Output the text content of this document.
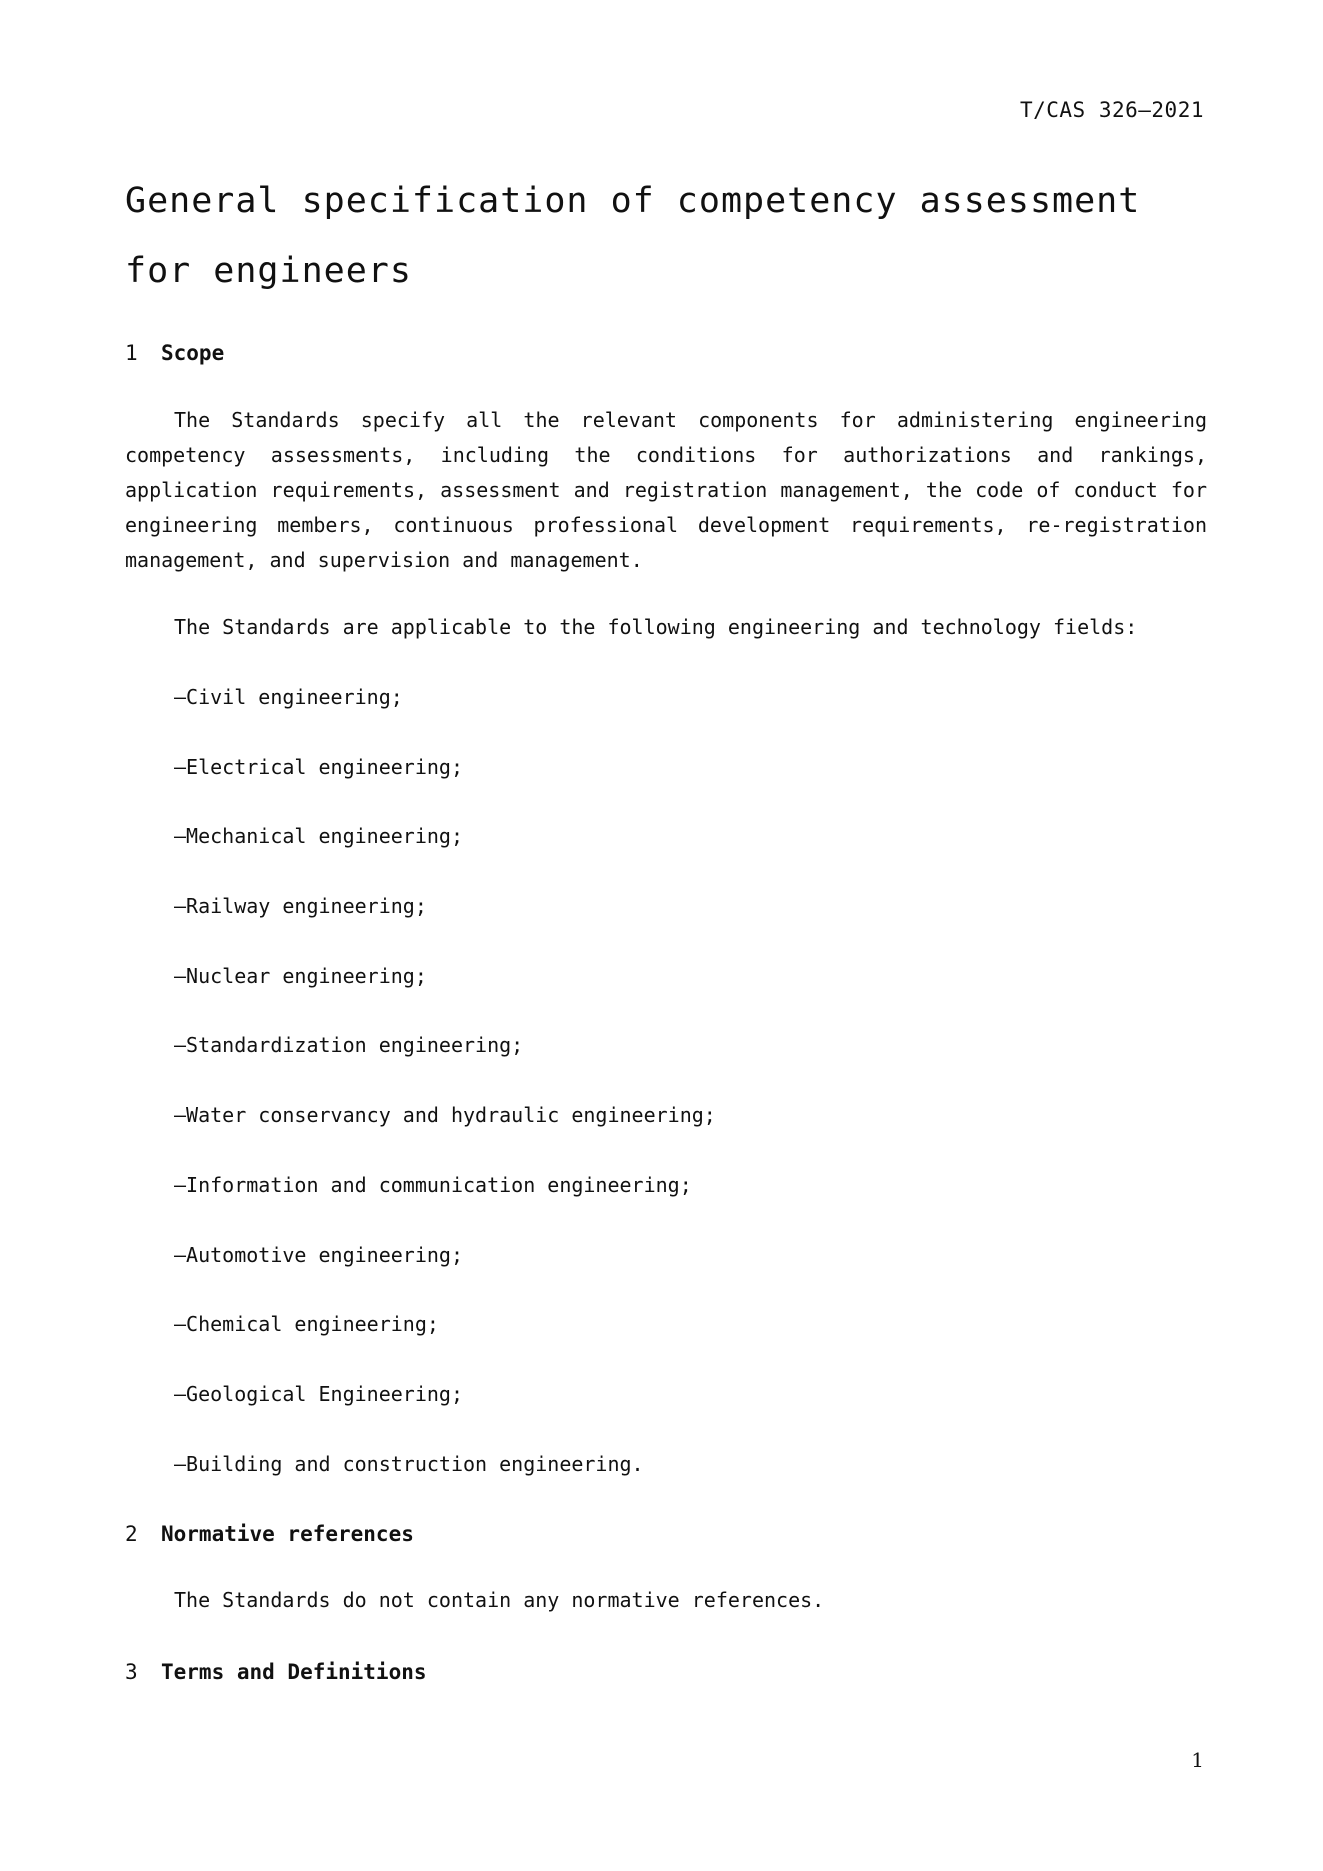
T/CAS 326—2021
General specification of competency assessment for engineers
1 Scope

The Standards specify all the relevant components for administering engineering competency assessments, including the conditions for authorizations and rankings, application requirements, assessment and registration management, the code of conduct for engineering members, continuous professional development requirements, re-registration management, and supervision and management.

The Standards are applicable to the following engineering and technology fields:

—Civil engineering;
—Electrical engineering;
—Mechanical engineering;
—Railway engineering;
—Nuclear engineering;
—Standardization engineering;
—Water conservancy and hydraulic engineering;
—Information and communication engineering;
—Automotive engineering;
—Chemical engineering;
—Geological Engineering;
—Building and construction engineering.
2 Normative references

The Standards do not contain any normative references.

3 Terms and Definitions
1
